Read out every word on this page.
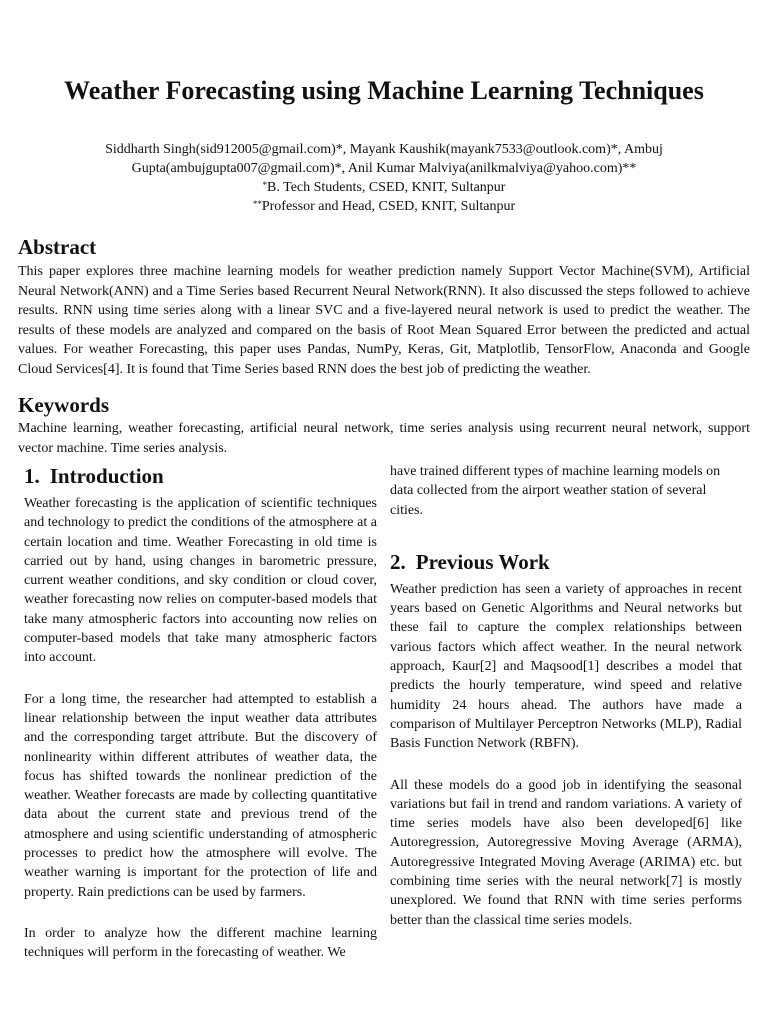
Weather Forecasting using Machine Learning Techniques

Siddharth Singh(sid912005@gmail.com)*, Mayank Kaushik(mayank7533@outlook.com)*, Ambuj Gupta(ambujgupta007@gmail.com)*, Anil Kumar Malviya(anilkmalviya@yahoo.com)**

*B. Tech Students, CSED, KNIT, Sultanpur

**Professor and Head, CSED, KNIT, Sultanpur

Abstract

This paper explores three machine learning models for weather prediction namely Support Vector Machine(SVM), Artificial Neural Network(ANN) and a Time Series based Recurrent Neural Network(RNN). It also discussed the steps followed to achieve results. RNN using time series along with a linear SVC and a five-layered neural network is used to predict the weather. The results of these models are analyzed and compared on the basis of Root Mean Squared Error between the predicted and actual values. For weather Forecasting, this paper uses Pandas, NumPy, Keras, Git, Matplotlib, TensorFlow, Anaconda and Google Cloud Services[4]. It is found that Time Series based RNN does the best job of predicting the weather.

Keywords

Machine learning, weather forecasting, artificial neural network, time series analysis using recurrent neural network, support vector machine. Time series analysis.

1. Introduction

Weather forecasting is the application of scientific techniques and technology to predict the conditions of the atmosphere at a certain location and time. Weather Forecasting in old time is carried out by hand, using changes in barometric pressure, current weather conditions, and sky condition or cloud cover, weather forecasting now relies on computer-based models that take many atmospheric factors into accounting now relies on computer-based models that take many atmospheric factors into account.

For a long time, the researcher had attempted to establish a linear relationship between the input weather data attributes and the corresponding target attribute. But the discovery of nonlinearity within different attributes of weather data, the focus has shifted towards the nonlinear prediction of the weather. Weather forecasts are made by collecting quantitative data about the current state and previous trend of the atmosphere and using scientific understanding of atmospheric processes to predict how the atmosphere will evolve. The weather warning is important for the protection of life and property. Rain predictions can be used by farmers.

In order to analyze how the different machine learning techniques will perform in the forecasting of weather. We

have trained different types of machine learning models on data collected from the airport weather station of several cities.

2. Previous Work

Weather prediction has seen a variety of approaches in recent years based on Genetic Algorithms and Neural networks but these fail to capture the complex relationships between various factors which affect weather. In the neural network approach, Kaur[2] and Maqsood[1] describes a model that predicts the hourly temperature, wind speed and relative humidity 24 hours ahead. The authors have made a comparison of Multilayer Perceptron Networks (MLP), Radial Basis Function Network (RBFN).

All these models do a good job in identifying the seasonal variations but fail in trend and random variations. A variety of time series models have also been developed[6] like Autoregression, Autoregressive Moving Average (ARMA), Autoregressive Integrated Moving Average (ARIMA) etc. but combining time series with the neural network[7] is mostly unexplored. We found that RNN with time series performs better than the classical time series models.
